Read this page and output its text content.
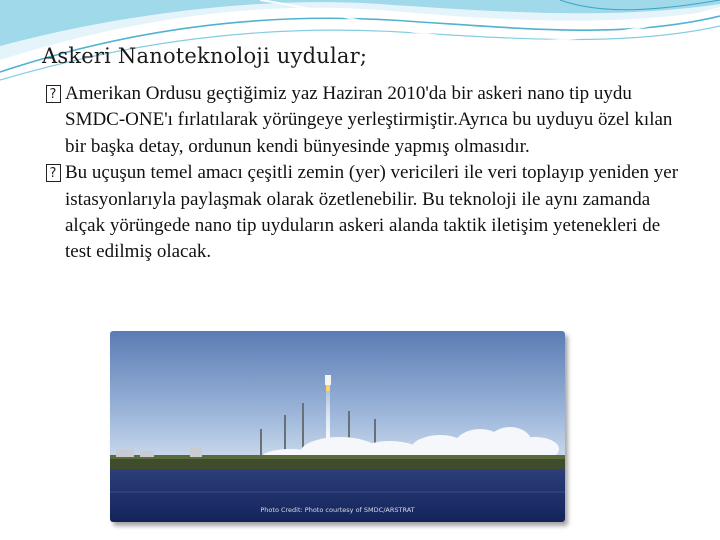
Askeri Nanoteknoloji uydular;

?
Amerikan Ordusu geçtiğimiz yaz Haziran 2010'da bir askeri nano tip uydu SMDC-ONE'ı fırlatılarak yörüngeye yerleştirmiştir.Ayrıca bu uyduyu özel kılan bir başka detay, ordunun kendi bünyesinde yapmış olmasıdır.

?
Bu uçuşun temel amacı çeşitli zemin (yer) vericileri ile veri toplayıp yeniden yer istasyonlarıyla paylaşmak olarak özetlenebilir. Bu teknoloji ile aynı zamanda alçak yörüngede nano tip uyduların askeri alanda taktik iletişim yetenekleri de test edilmiş olacak.

Photo Credit: Photo courtesy of SMDC/ARSTRAT
